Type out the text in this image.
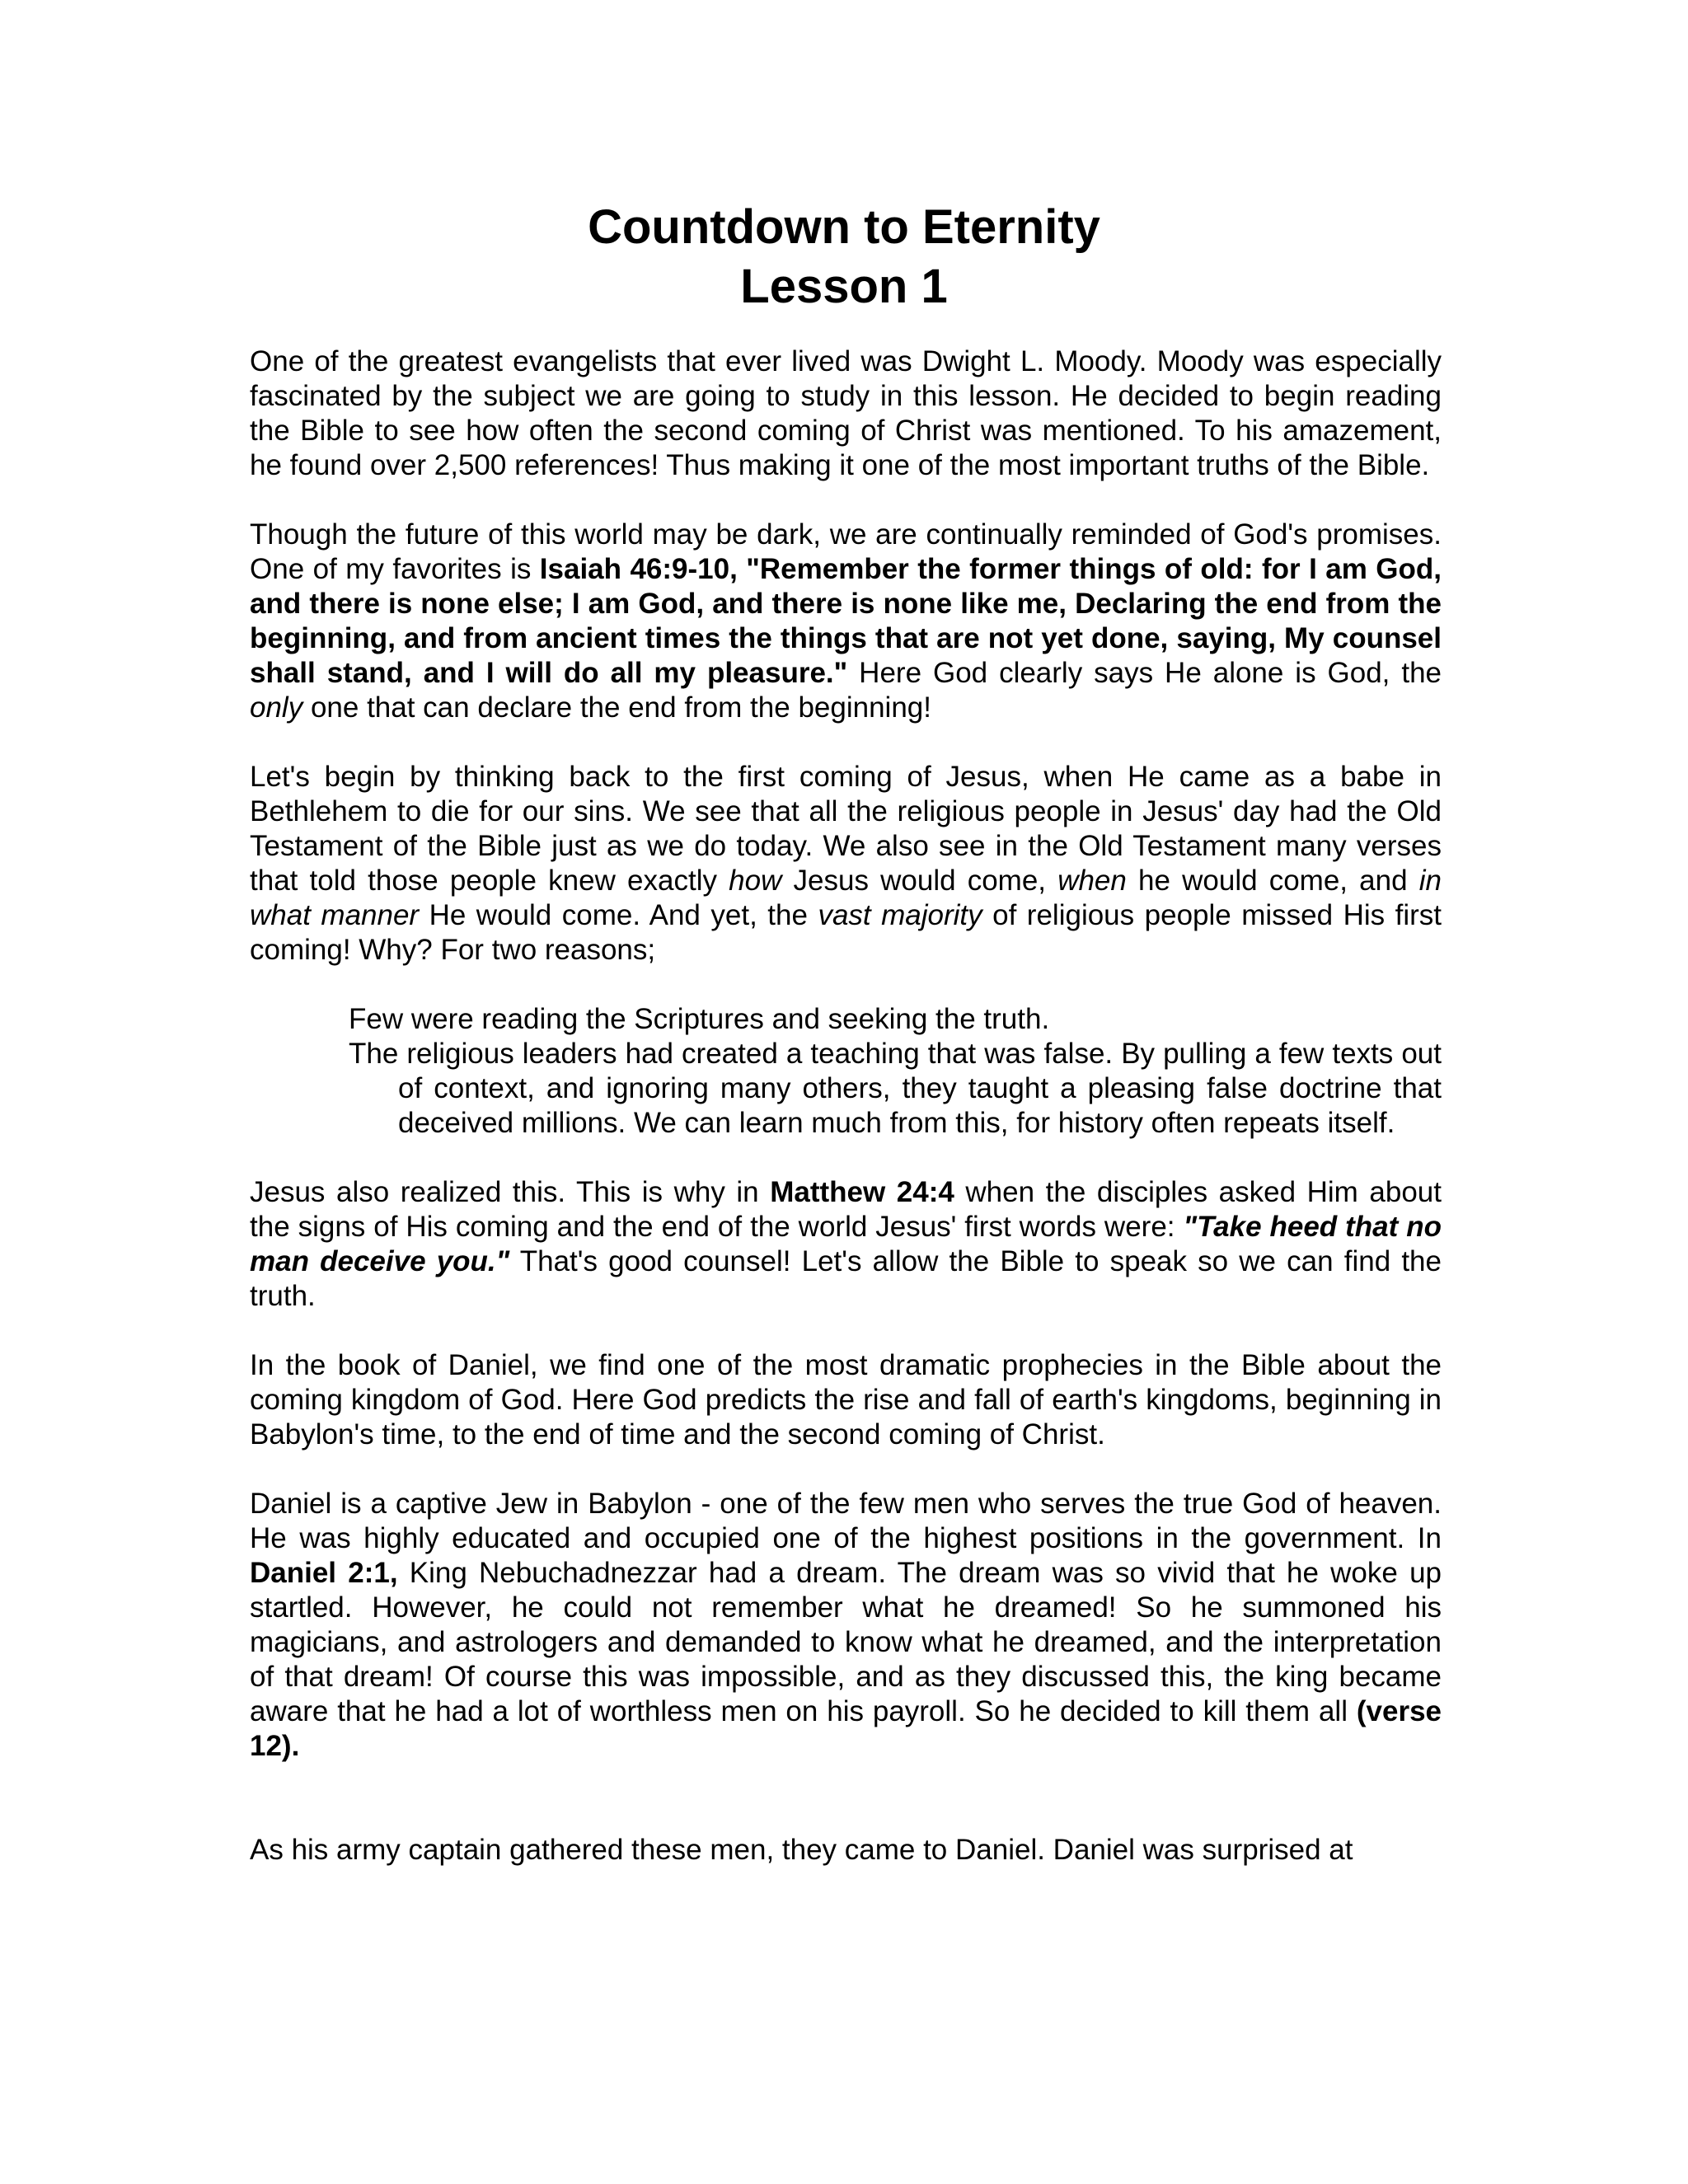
Countdown to Eternity
Lesson 1

One of the greatest evangelists that ever lived was Dwight L. Moody. Moody was especially fascinated by the subject we are going to study in this lesson. He decided to begin reading the Bible to see how often the second coming of Christ was mentioned. To his amazement, he found over 2,500 references! Thus making it one of the most important truths of the Bible.

Though the future of this world may be dark, we are continually reminded of God's promises. One of my favorites is Isaiah 46:9-10, "Remember the former things of old: for I am God, and there is none else; I am God, and there is none like me, Declaring the end from the beginning, and from ancient times the things that are not yet done, saying, My counsel shall stand, and I will do all my pleasure." Here God clearly says He alone is God, the only one that can declare the end from the beginning!

Let's begin by thinking back to the first coming of Jesus, when He came as a babe in Bethlehem to die for our sins. We see that all the religious people in Jesus' day had the Old Testament of the Bible just as we do today. We also see in the Old Testament many verses that told those people knew exactly how Jesus would come, when he would come, and in what manner He would come. And yet, the vast majority of religious people missed His first coming! Why? For two reasons;

Few were reading the Scriptures and seeking the truth.
The religious leaders had created a teaching that was false. By pulling a few texts out of context, and ignoring many others, they taught a pleasing false doctrine that deceived millions. We can learn much from this, for history often repeats itself.

Jesus also realized this. This is why in Matthew 24:4 when the disciples asked Him about the signs of His coming and the end of the world Jesus' first words were: "Take heed that no man deceive you." That's good counsel! Let's allow the Bible to speak so we can find the truth.

In the book of Daniel, we find one of the most dramatic prophecies in the Bible about the coming kingdom of God. Here God predicts the rise and fall of earth's kingdoms, beginning in Babylon's time, to the end of time and the second coming of Christ.

Daniel is a captive Jew in Babylon - one of the few men who serves the true God of heaven. He was highly educated and occupied one of the highest positions in the government. In Daniel 2:1, King Nebuchadnezzar had a dream. The dream was so vivid that he woke up startled. However, he could not remember what he dreamed! So he summoned his magicians, and astrologers and demanded to know what he dreamed, and the interpretation of that dream! Of course this was impossible, and as they discussed this, the king became aware that he had a lot of worthless men on his payroll. So he decided to kill them all (verse 12).

As his army captain gathered these men, they came to Daniel. Daniel was surprised at
